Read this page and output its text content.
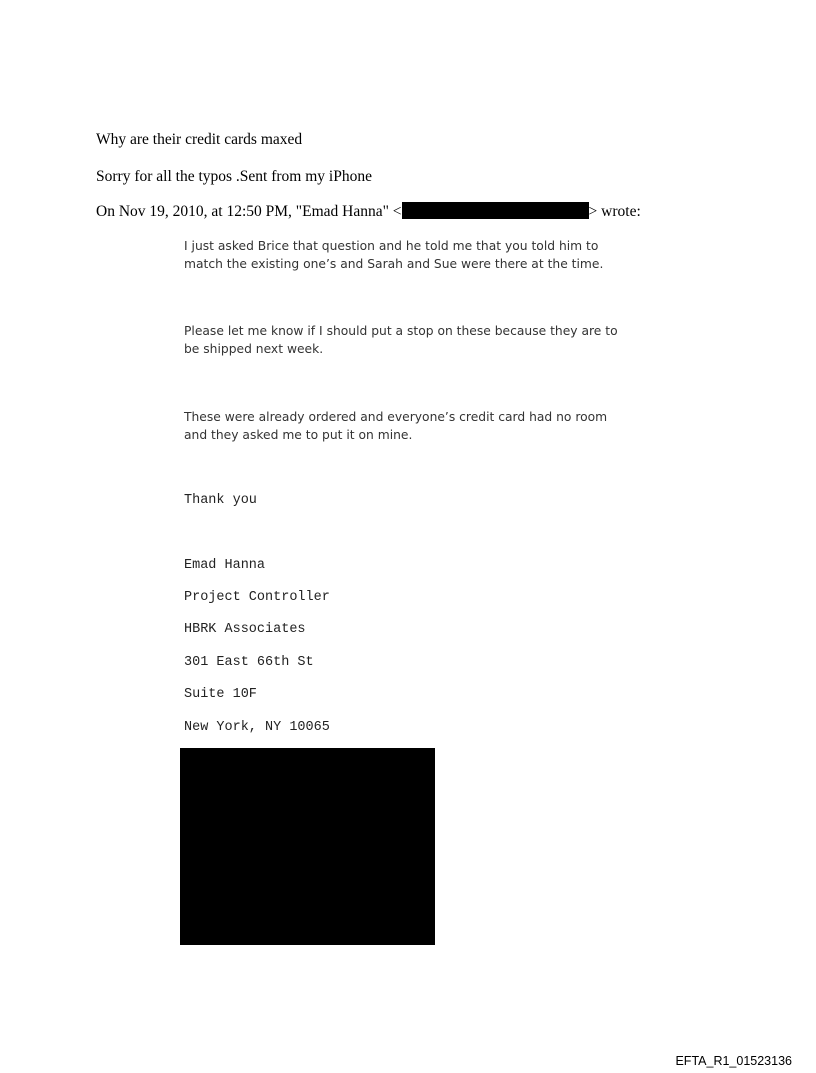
Why are their credit cards maxed
Sorry for all the typos .Sent from my iPhone
On Nov 19, 2010, at 12:50 PM, "Emad Hanna" <	> wrote:
I just asked Brice that question and he told me that you told him to match the existing one’s and Sarah and Sue were there at the time.
Please let me know if I should put a stop on these because they are to be shipped next week.
These were already ordered and everyone’s credit card had no room and they asked me to put it on mine.
Thank you
Emad Hanna
Project Controller
HBRK Associates
301 East 66th St
Suite 10F
New York, NY 10065
EFTA_R1_01523136
